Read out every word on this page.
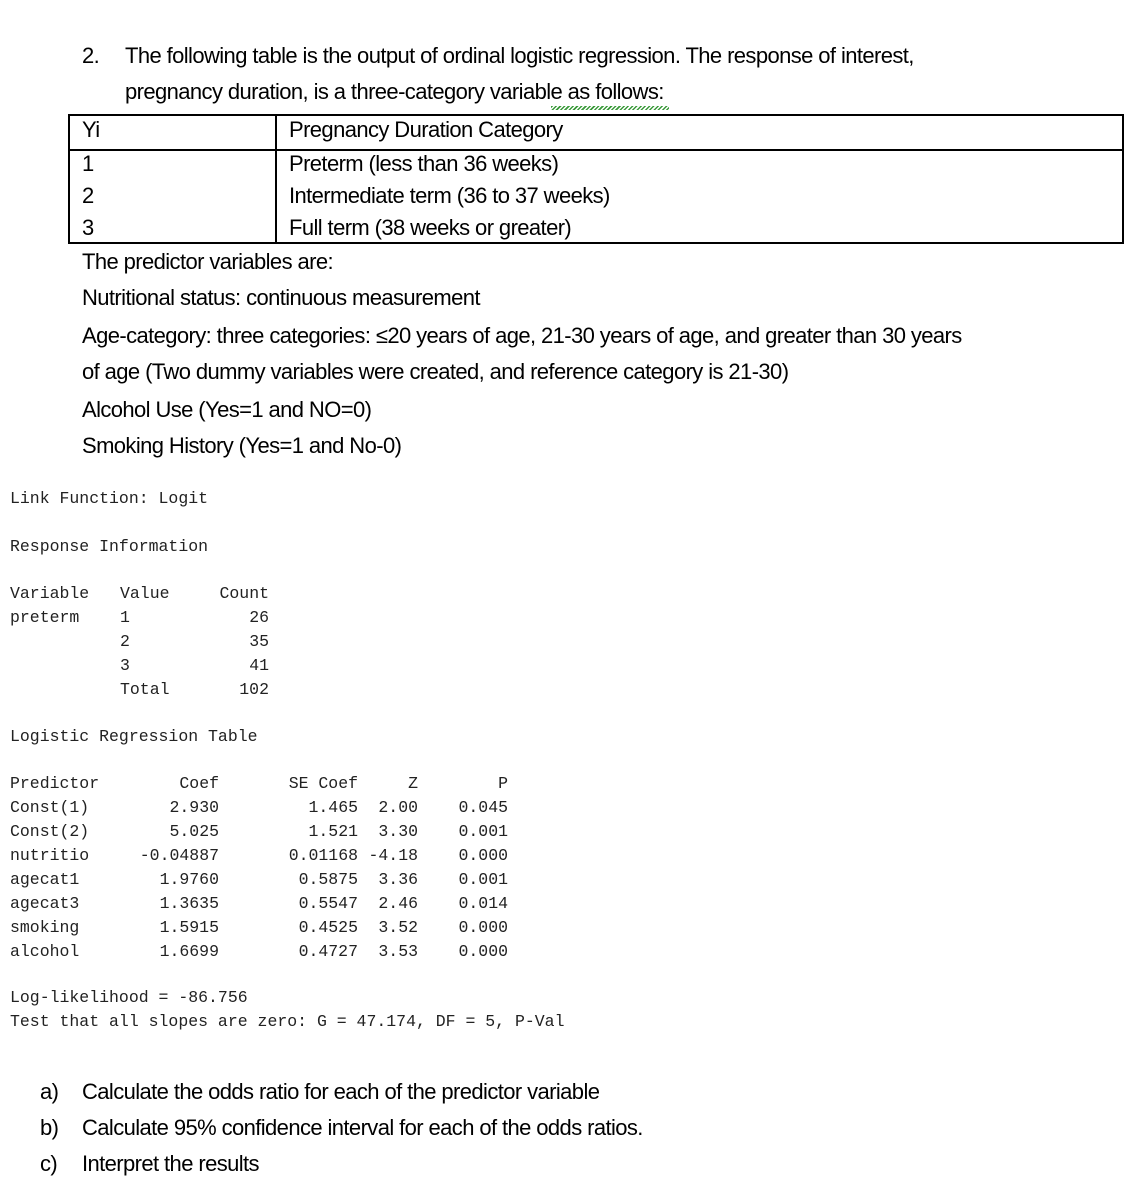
2. The following table is the output of ordinal logistic regression. The response of interest,
pregnancy duration, is a three-category variable as follows:
Yi	Pregnancy Duration Category
1	Preterm (less than 36 weeks)
2	Intermediate term (36 to 37 weeks)
3	Full term (38 weeks or greater)
The predictor variables are:
Nutritional status: continuous measurement
Age-category: three categories: ≤20 years of age, 21-30 years of age, and greater than 30 years
of age (Two dummy variables were created, and reference category is 21-30)
Alcohol Use (Yes=1 and NO=0)
Smoking History (Yes=1 and No-0)
Link Function: Logit
Response Information
Logistic Regression Table
Log-likelihood = -86.756
Test that all slopes are zero: G = 47.174, DF = 5, P-Val
a) Calculate the odds ratio for each of the predictor variable
b) Calculate 95% confidence interval for each of the odds ratios.
c) Interpret the results
Variable Value	Count
preterm 1	26
2	35
3	41
Total	102
Predictor	Coef	SE Coef	Z	P
Const(1)	2.930	1.465 2.00 0.045
Const(2)	5.025	1.521 3.30 0.001
nutritio	-0.04887	0.01168 -4.18 0.000
agecat1	1.9760	0.5875 3.36 0.001
agecat3	1.3635	0.5547 2.46 0.014
smoking	1.5915	0.4525 3.52 0.000
alcohol	1.6699	0.4727 3.53 0.000
